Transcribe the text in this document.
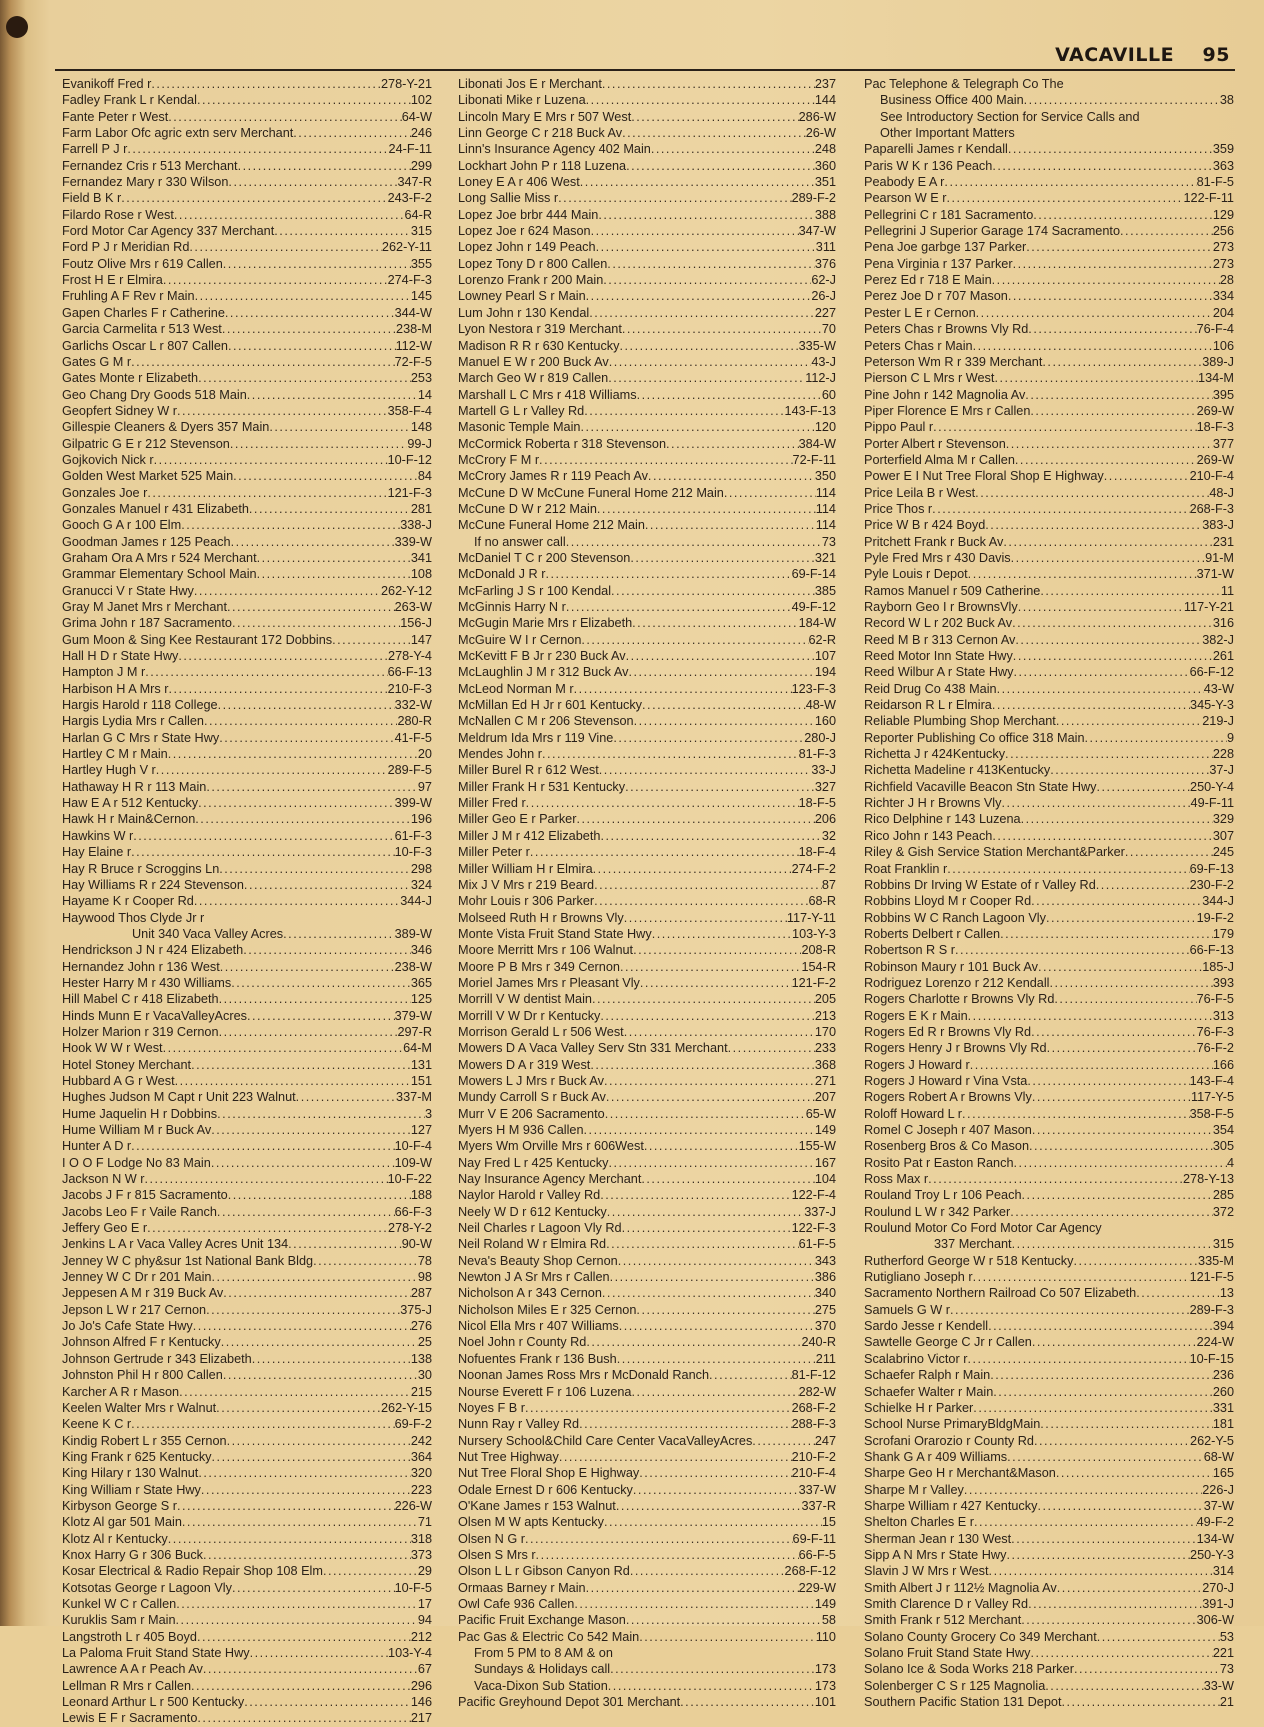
VACAVILLE 95
Evanikoff Fred r .....	278-Y-21
Fadley Frank L r Kendal .....	102
Fante Peter r West .....	64-W
Farm Labor Ofc agric extn serv Merchant .....	246
Farrell P J r .....	24-F-11
Fernandez Cris r 513 Merchant .....	299
Fernandez Mary r 330 Wilson .....	347-R
Field B K r .....	243-F-2
Filardo Rose r West .....	64-R
Ford Motor Car Agency 337 Merchant .....	315
Ford P J r Meridian Rd .....	262-Y-11
Foutz Olive Mrs r 619 Callen .....	355
Frost H E r Elmira .....	274-F-3
Fruhling A F Rev r Main .....	145
Gapen Charles F r Catherine .....	344-W
Garcia Carmelita r 513 West .....	238-M
Garlichs Oscar L r 807 Callen .....	112-W
Gates G M r .....	72-F-5
Gates Monte r Elizabeth .....	253
Geo Chang Dry Goods 518 Main .....	14
Geopfert Sidney W r .....	358-F-4
Gillespie Cleaners & Dyers 357 Main .....	148
Gilpatric G E r 212 Stevenson .....	99-J
Gojkovich Nick r .....	10-F-12
Golden West Market 525 Main .....	84
Gonzales Joe r .....	121-F-3
Gonzales Manuel r 431 Elizabeth .....	281
Gooch G A r 100 Elm .....	338-J
Goodman James r 125 Peach .....	339-W
Graham Ora A Mrs r 524 Merchant .....	341
Grammar Elementary School Main .....	108
Granucci V r State Hwy .....	262-Y-12
Gray M Janet Mrs r Merchant .....	263-W
Grima John r 187 Sacramento .....	156-J
Gum Moon & Sing Kee Restaurant 172 Dobbins .....	147
Hall H D r State Hwy .....	278-Y-4
Hampton J M r .....	66-F-13
Harbison H A Mrs r .....	210-F-3
Hargis Harold r 118 College .....	332-W
Hargis Lydia Mrs r Callen .....	280-R
Harlan G C Mrs r State Hwy .....	41-F-5
Hartley C M r Main .....	20
Hartley Hugh V r .....	289-F-5
Hathaway H R r 113 Main .....	97
Haw E A r 512 Kentucky .....	399-W
Hawk H r Main&Cernon .....	196
Hawkins W r .....	61-F-3
Hay Elaine r .....	10-F-3
Hay R Bruce r Scroggins Ln .....	298
Hay Williams R r 224 Stevenson .....	324
Hayame K r Cooper Rd .....	344-J
Haywood Thos Clyde Jr r
Unit 340 Vaca Valley Acres .....	389-W
Hendrickson J N r 424 Elizabeth .....	346
Hernandez John r 136 West .....	238-W
Hester Harry M r 430 Williams .....	365
Hill Mabel C r 418 Elizabeth .....	125
Hinds Munn E r VacaValleyAcres .....	379-W
Holzer Marion r 319 Cernon .....	297-R
Hook W W r West .....	64-M
Hotel Stoney Merchant .....	131
Hubbard A G r West .....	151
Hughes Judson M Capt r Unit 223 Walnut .....	337-M
Hume Jaquelin H r Dobbins .....	3
Hume William M r Buck Av .....	127
Hunter A D r .....	10-F-4
I O O F Lodge No 83 Main .....	109-W
Jackson N W r .....	10-F-22
Jacobs J F r 815 Sacramento .....	188
Jacobs Leo F r Vaile Ranch .....	66-F-3
Jeffery Geo E r .....	278-Y-2
Jenkins L A r Vaca Valley Acres Unit 134 .....	90-W
Jenney W C phy&sur 1st National Bank Bldg .....	78
Jenney W C Dr r 201 Main .....	98
Jeppesen A M r 319 Buck Av .....	287
Jepson L W r 217 Cernon .....	375-J
Jo Jo's Cafe State Hwy .....	276
Johnson Alfred F r Kentucky .....	25
Johnson Gertrude r 343 Elizabeth .....	138
Johnston Phil H r 800 Callen .....	30
Karcher A R r Mason .....	215
Keelen Walter Mrs r Walnut .....	262-Y-15
Keene K C r .....	69-F-2
Kindig Robert L r 355 Cernon .....	242
King Frank r 625 Kentucky .....	364
King Hilary r 130 Walnut .....	320
King William r State Hwy .....	223
Kirbyson George S r .....	226-W
Klotz Al gar 501 Main .....	71
Klotz Al r Kentucky .....	318
Knox Harry G r 306 Buck .....	373
Kosar Electrical & Radio Repair Shop 108 Elm .....	29
Kotsotas George r Lagoon Vly .....	10-F-5
Kunkel W C r Callen .....	17
Kuruklis Sam r Main .....	94
Langstroth L r 405 Boyd .....	212
La Paloma Fruit Stand State Hwy .....	103-Y-4
Lawrence A A r Peach Av .....	67
Lellman R Mrs r Callen .....	296
Leonard Arthur L r 500 Kentucky .....	146
Lewis E F r Sacramento .....	217
Libonati Jos E r Merchant .....	237
Libonati Mike r Luzena .....	144
Lincoln Mary E Mrs r 507 West .....	286-W
Linn George C r 218 Buck Av .....	26-W
Linn's Insurance Agency 402 Main .....	248
Lockhart John P r 118 Luzena .....	360
Loney E A r 406 West .....	351
Long Sallie Miss r .....	289-F-2
Lopez Joe brbr 444 Main .....	388
Lopez Joe r 624 Mason .....	347-W
Lopez John r 149 Peach .....	311
Lopez Tony D r 800 Callen .....	376
Lorenzo Frank r 200 Main .....	62-J
Lowney Pearl S r Main .....	26-J
Lum John r 130 Kendal .....	227
Lyon Nestora r 319 Merchant .....	70
Madison R R r 630 Kentucky .....	335-W
Manuel E W r 200 Buck Av .....	43-J
March Geo W r 819 Callen .....	112-J
Marshall L C Mrs r 418 Williams .....	60
Martell G L r Valley Rd .....	143-F-13
Masonic Temple Main .....	120
McCormick Roberta r 318 Stevenson .....	384-W
McCrory F M r .....	72-F-11
McCrory James R r 119 Peach Av .....	350
McCune D W McCune Funeral Home 212 Main .....	114
McCune D W r 212 Main .....	114
McCune Funeral Home 212 Main .....	114
If no answer call .....	73
McDaniel T C r 200 Stevenson .....	321
McDonald J R r .....	69-F-14
McFarling J S r 100 Kendal .....	385
McGinnis Harry N r .....	49-F-12
McGugin Marie Mrs r Elizabeth .....	184-W
McGuire W I r Cernon .....	62-R
McKevitt F B Jr r 230 Buck Av .....	107
McLaughlin J M r 312 Buck Av .....	194
McLeod Norman M r .....	123-F-3
McMillan Ed H Jr r 601 Kentucky .....	48-W
McNallen C M r 206 Stevenson .....	160
Meldrum Ida Mrs r 119 Vine .....	280-J
Mendes John r .....	81-F-3
Miller Burel R r 612 West .....	33-J
Miller Frank H r 531 Kentucky .....	327
Miller Fred r .....	18-F-5
Miller Geo E r Parker .....	206
Miller J M r 412 Elizabeth .....	32
Miller Peter r .....	18-F-4
Miller William H r Elmira .....	274-F-2
Mix J V Mrs r 219 Beard .....	87
Mohr Louis r 306 Parker .....	68-R
Molseed Ruth H r Browns Vly .....	117-Y-11
Monte Vista Fruit Stand State Hwy .....	103-Y-3
Moore Merritt Mrs r 106 Walnut .....	208-R
Moore P B Mrs r 349 Cernon .....	154-R
Moriel James Mrs r Pleasant Vly .....	121-F-2
Morrill V W dentist Main .....	205
Morrill V W Dr r Kentucky .....	213
Morrison Gerald L r 506 West .....	170
Mowers D A Vaca Valley Serv Stn 331 Merchant .....	233
Mowers D A r 319 West .....	368
Mowers L J Mrs r Buck Av .....	271
Mundy Carroll S r Buck Av .....	207
Murr V E 206 Sacramento .....	65-W
Myers H M 936 Callen .....	149
Myers Wm Orville Mrs r 606West .....	155-W
Nay Fred L r 425 Kentucky .....	167
Nay Insurance Agency Merchant .....	104
Naylor Harold r Valley Rd .....	122-F-4
Neely W D r 612 Kentucky .....	337-J
Neil Charles r Lagoon Vly Rd .....	122-F-3
Neil Roland W r Elmira Rd .....	61-F-5
Neva's Beauty Shop Cernon .....	343
Newton J A Sr Mrs r Callen .....	386
Nicholson A r 343 Cernon .....	340
Nicholson Miles E r 325 Cernon .....	275
Nicol Ella Mrs r 407 Williams .....	370
Noel John r County Rd .....	240-R
Nofuentes Frank r 136 Bush .....	211
Noonan James Ross Mrs r McDonald Ranch .....	81-F-12
Nourse Everett F r 106 Luzena .....	282-W
Noyes F B r .....	268-F-2
Nunn Ray r Valley Rd .....	288-F-3
Nursery School&Child Care Center VacaValleyAcres .....	247
Nut Tree Highway .....	210-F-2
Nut Tree Floral Shop E Highway .....	210-F-4
Odale Ernest D r 606 Kentucky .....	337-W
O'Kane James r 153 Walnut .....	337-R
Olsen M W apts Kentucky .....	15
Olsen N G r .....	69-F-11
Olsen S Mrs r .....	66-F-5
Olson L L r Gibson Canyon Rd .....	268-F-12
Ormaas Barney r Main .....	229-W
Owl Cafe 936 Callen .....	149
Pacific Fruit Exchange Mason .....	58
Pac Gas & Electric Co 542 Main .....	110
From 5 PM to 8 AM & on
Sundays & Holidays call .....	173
Vaca-Dixon Sub Station .....	173
Pacific Greyhound Depot 301 Merchant .....	101
Pac Telephone & Telegraph Co The
Business Office 400 Main .....	38
See Introductory Section for Service Calls and
Other Important Matters
Paparelli James r Kendall .....	359
Paris W K r 136 Peach .....	363
Peabody E A r .....	81-F-5
Pearson W E r .....	122-F-11
Pellegrini C r 181 Sacramento .....	129
Pellegrini J Superior Garage 174 Sacramento .....	256
Pena Joe garbge 137 Parker .....	273
Pena Virginia r 137 Parker .....	273
Perez Ed r 718 E Main .....	28
Perez Joe D r 707 Mason .....	334
Pester L E r Cernon .....	204
Peters Chas r Browns Vly Rd .....	76-F-4
Peters Chas r Main .....	106
Peterson Wm R r 339 Merchant .....	389-J
Pierson C L Mrs r West .....	134-M
Pine John r 142 Magnolia Av .....	395
Piper Florence E Mrs r Callen .....	269-W
Pippo Paul r .....	18-F-3
Porter Albert r Stevenson .....	377
Porterfield Alma M r Callen .....	269-W
Power E I Nut Tree Floral Shop E Highway .....	210-F-4
Price Leila B r West .....	48-J
Price Thos r .....	268-F-3
Price W B r 424 Boyd .....	383-J
Pritchett Frank r Buck Av .....	231
Pyle Fred Mrs r 430 Davis .....	91-M
Pyle Louis r Depot .....	371-W
Ramos Manuel r 509 Catherine .....	11
Rayborn Geo I r BrownsVly .....	117-Y-21
Record W L r 202 Buck Av .....	316
Reed M B r 313 Cernon Av .....	382-J
Reed Motor Inn State Hwy .....	261
Reed Wilbur A r State Hwy .....	66-F-12
Reid Drug Co 438 Main .....	43-W
Reidarson R L r Elmira .....	345-Y-3
Reliable Plumbing Shop Merchant .....	219-J
Reporter Publishing Co office 318 Main .....	9
Richetta J r 424Kentucky .....	228
Richetta Madeline r 413Kentucky .....	37-J
Richfield Vacaville Beacon Stn State Hwy .....	250-Y-4
Richter J H r Browns Vly .....	49-F-11
Rico Delphine r 143 Luzena .....	329
Rico John r 143 Peach .....	307
Riley & Gish Service Station Merchant&Parker .....	245
Roat Franklin r .....	69-F-13
Robbins Dr Irving W Estate of r Valley Rd .....	230-F-2
Robbins Lloyd M r Cooper Rd .....	344-J
Robbins W C Ranch Lagoon Vly .....	19-F-2
Roberts Delbert r Callen .....	179
Robertson R S r .....	66-F-13
Robinson Maury r 101 Buck Av .....	185-J
Rodriguez Lorenzo r 212 Kendall .....	393
Rogers Charlotte r Browns Vly Rd .....	76-F-5
Rogers E K r Main .....	313
Rogers Ed R r Browns Vly Rd .....	76-F-3
Rogers Henry J r Browns Vly Rd .....	76-F-2
Rogers J Howard r .....	166
Rogers J Howard r Vina Vsta .....	143-F-4
Rogers Robert A r Browns Vly .....	117-Y-5
Roloff Howard L r .....	358-F-5
Romel C Joseph r 407 Mason .....	354
Rosenberg Bros & Co Mason .....	305
Rosito Pat r Easton Ranch .....	4
Ross Max r .....	278-Y-13
Rouland Troy L r 106 Peach .....	285
Roulund L W r 342 Parker .....	372
Roulund Motor Co Ford Motor Car Agency
337 Merchant .....	315
Rutherford George W r 518 Kentucky .....	335-M
Rutigliano Joseph r .....	121-F-5
Sacramento Northern Railroad Co 507 Elizabeth .....	13
Samuels G W r .....	289-F-3
Sardo Jesse r Kendell .....	394
Sawtelle George C Jr r Callen .....	224-W
Scalabrino Victor r .....	10-F-15
Schaefer Ralph r Main .....	236
Schaefer Walter r Main .....	260
Schielke H r Parker .....	331
School Nurse PrimaryBldgMain .....	181
Scrofani Orarozio r County Rd .....	262-Y-5
Shank G A r 409 Williams .....	68-W
Sharpe Geo H r Merchant&Mason .....	165
Sharpe M r Valley .....	226-J
Sharpe William r 427 Kentucky .....	37-W
Shelton Charles E r .....	49-F-2
Sherman Jean r 130 West .....	134-W
Sipp A N Mrs r State Hwy .....	250-Y-3
Slavin J W Mrs r West .....	314
Smith Albert J r 112½ Magnolia Av .....	270-J
Smith Clarence D r Valley Rd .....	391-J
Smith Frank r 512 Merchant .....	306-W
Solano County Grocery Co 349 Merchant .....	53
Solano Fruit Stand State Hwy .....	221
Solano Ice & Soda Works 218 Parker .....	73
Solenberger C S r 125 Magnolia .....	33-W
Southern Pacific Station 131 Depot .....	21
